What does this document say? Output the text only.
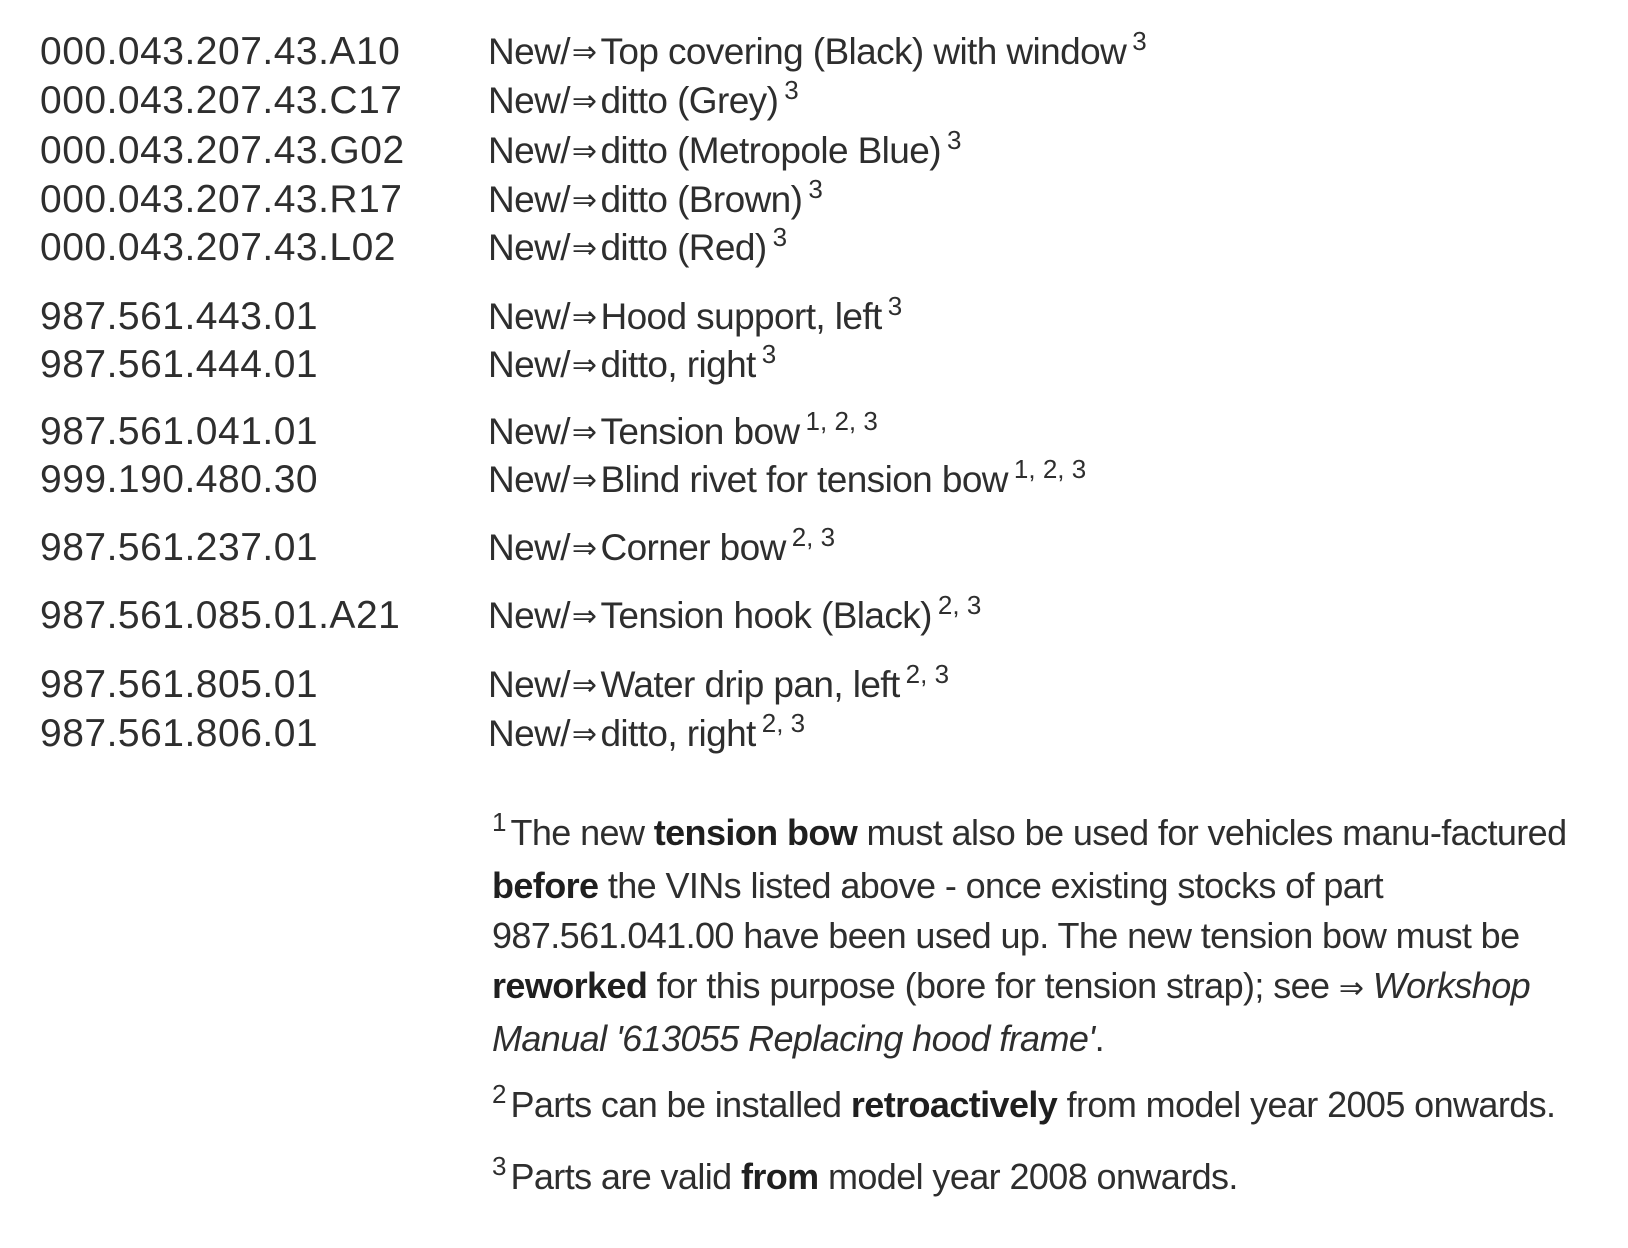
000.043.207.43.A10 New/⇒ Top covering (Black) with window $^3$
000.043.207.43.C17 New/⇒ ditto (Grey) $^3$
000.043.207.43.G02 New/⇒ ditto (Metropole Blue) $^3$
000.043.207.43.R17 New/⇒ ditto (Brown) $^3$
000.043.207.43.L02 New/⇒ ditto (Red) $^3$
987.561.443.01	New/⇒ Hood support, left $^3$
987.561.444.01	New/⇒ ditto, right $^3$
987.561.041.01	New/⇒ Tension bow $^{1, 2, 3}$
999.190.480.30	New/⇒ Blind rivet for tension bow $^{1, 2, 3}$
987.561.237.01	New/⇒ Corner bow $^{2, 3}$
987.561.085.01.A21 New/⇒ Tension hook (Black) $^{2, 3}$
987.561.805.01	New/⇒ Water drip pan, left $^{2, 3}$
987.561.806.01	New/⇒ ditto, right $^{2, 3}$

$^1$ The new tension bow must also be used for vehicles manu-factured before the VINs listed above - once existing stocks of part 987.561.041.00 have been used up. The new tension bow must be reworked for this purpose (bore for tension strap); see ⇒ Workshop Manual '613055 Replacing hood frame'.

$^2$ Parts can be installed retroactively from model year 2005 onwards.

$^3$ Parts are valid from model year 2008 onwards.
